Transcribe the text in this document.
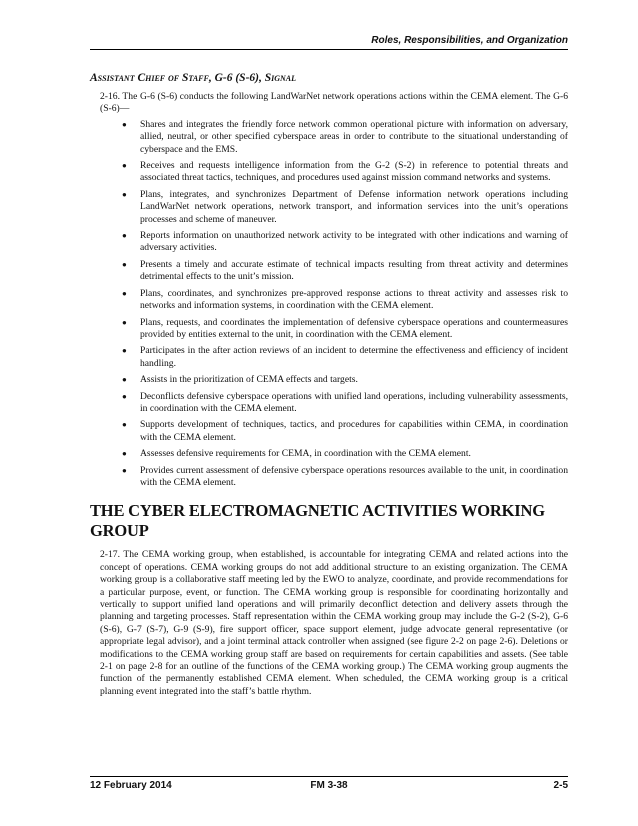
Roles, Responsibilities, and Organization
Assistant Chief of Staff, G-6 (S-6), Signal

2-16. The G-6 (S-6) conducts the following LandWarNet network operations actions within the CEMA element. The G-6 (S-6)—

● Shares and integrates the friendly force network common operational picture with information on adversary, allied, neutral, or other specified cyberspace areas in order to contribute to the situational understanding of cyberspace and the EMS.
● Receives and requests intelligence information from the G-2 (S-2) in reference to potential threats and associated threat tactics, techniques, and procedures used against mission command networks and systems.
● Plans, integrates, and synchronizes Department of Defense information network operations including LandWarNet network operations, network transport, and information services into the unit’s operations processes and scheme of maneuver.
● Reports information on unauthorized network activity to be integrated with other indications and warning of adversary activities.
● Presents a timely and accurate estimate of technical impacts resulting from threat activity and determines detrimental effects to the unit’s mission.
● Plans, coordinates, and synchronizes pre-approved response actions to threat activity and assesses risk to networks and information systems, in coordination with the CEMA element.
● Plans, requests, and coordinates the implementation of defensive cyberspace operations and countermeasures provided by entities external to the unit, in coordination with the CEMA element.
● Participates in the after action reviews of an incident to determine the effectiveness and efficiency of incident handling.
● Assists in the prioritization of CEMA effects and targets.
● Deconflicts defensive cyberspace operations with unified land operations, including vulnerability assessments, in coordination with the CEMA element.
● Supports development of techniques, tactics, and procedures for capabilities within CEMA, in coordination with the CEMA element.
● Assesses defensive requirements for CEMA, in coordination with the CEMA element.
● Provides current assessment of defensive cyberspace operations resources available to the unit, in coordination with the CEMA element.
THE CYBER ELECTROMAGNETIC ACTIVITIES WORKING GROUP

2-17. The CEMA working group, when established, is accountable for integrating CEMA and related actions into the concept of operations. CEMA working groups do not add additional structure to an existing organization. The CEMA working group is a collaborative staff meeting led by the EWO to analyze, coordinate, and provide recommendations for a particular purpose, event, or function. The CEMA working group is responsible for coordinating horizontally and vertically to support unified land operations and will primarily deconflict detection and delivery assets through the planning and targeting processes. Staff representation within the CEMA working group may include the G-2 (S-2), G-6 (S-6), G-7 (S-7), G-9 (S-9), fire support officer, space support element, judge advocate general representative (or appropriate legal advisor), and a joint terminal attack controller when assigned (see figure 2-2 on page 2-6). Deletions or modifications to the CEMA working group staff are based on requirements for certain capabilities and assets. (See table 2-1 on page 2-8 for an outline of the functions of the CEMA working group.) The CEMA working group augments the function of the permanently established CEMA element. When scheduled, the CEMA working group is a critical planning event integrated into the staff’s battle rhythm.

12 February 2014	FM 3-38	2-5
